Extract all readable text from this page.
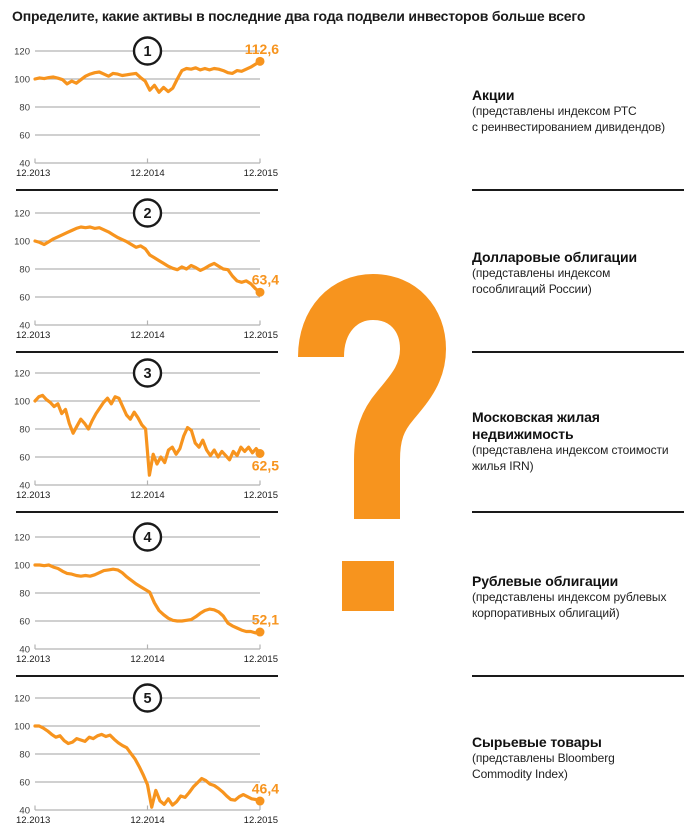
Определите, какие активы в последние два года подвели инвесторов больше всего
120
100
80
60
40
12.2013	12.2014	12.2015
112,6
1
Акции
(представлены индексом РТС
с реинвестированием дивидендов)
120
100
80
60
40
12.2013	12.2014	12.2015
63,4
2
Долларовые облигации
(представлены индексом
гособлигаций России)
120
100
80
60
40
12.2013	12.2014	12.2015
62,5
3
Московская жилая
недвижимость
(представлена индексом стоимости
жилья IRN)
120
100
80
60
40
12.2013	12.2014	12.2015
52,1
4
Рублевые облигации
(представлены индексом рублевых
корпоративных облигаций)
120
100
80
60
40
12.2013	12.2014	12.2015
46,4
5
Сырьевые товары
(представлены Bloomberg
Commodity Index)
